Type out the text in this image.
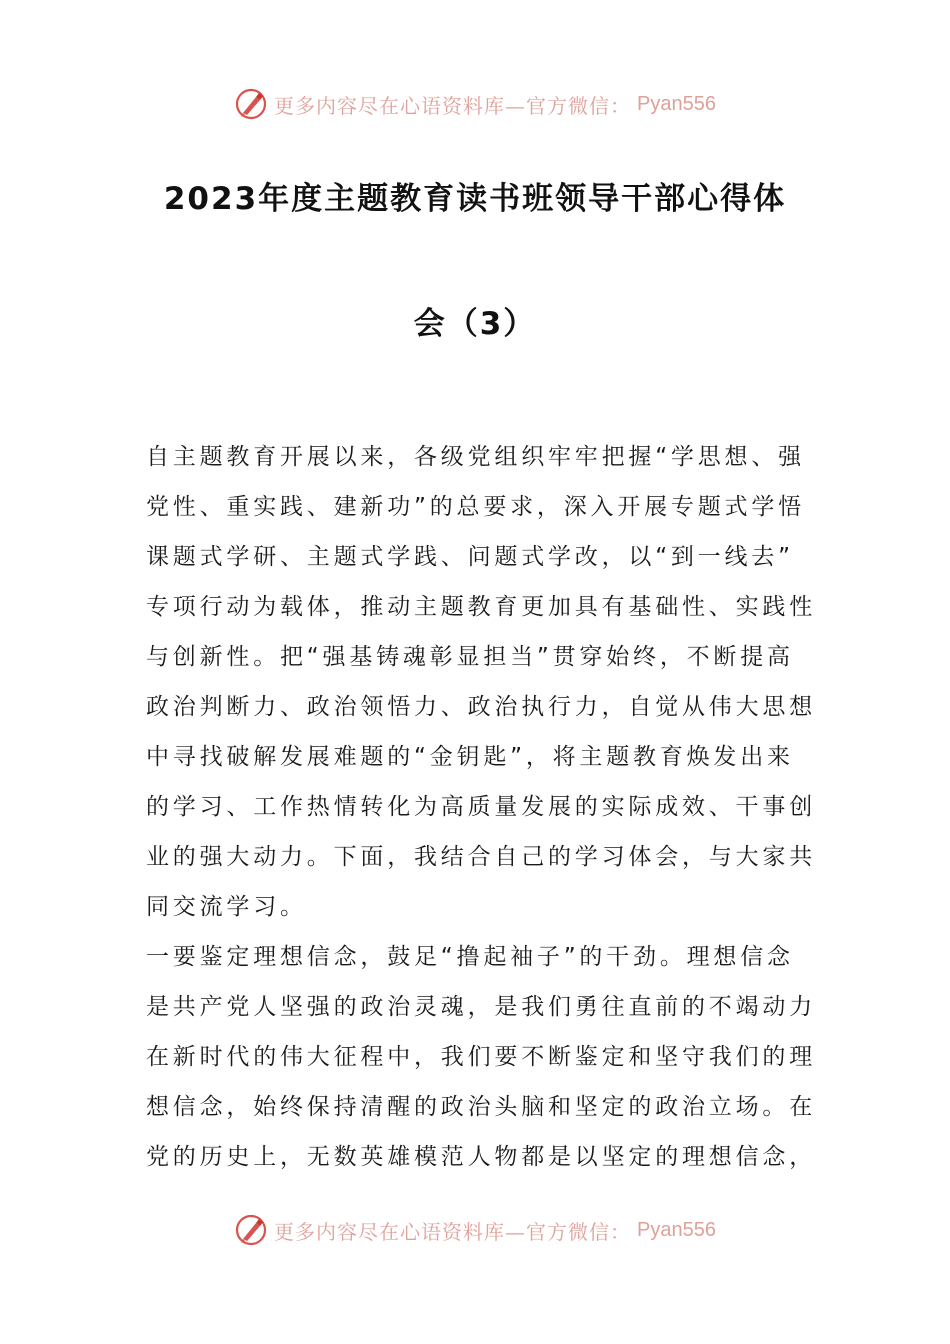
更多内容尽在心语资料库—官方微信： Pyan556
2023年度主题教育读书班领导干部心得体
会（3）
自主题教育开展以来，各级党组织牢牢把握“学思想、强
党性、重实践、建新功”的总要求，深入开展专题式学悟
课题式学研、主题式学践、问题式学改，以“到一线去”
专项行动为载体，推动主题教育更加具有基础性、实践性
与创新性。把“强基铸魂彰显担当”贯穿始终，不断提高
政治判断力、政治领悟力、政治执行力，自觉从伟大思想
中寻找破解发展难题的“金钥匙”，将主题教育焕发出来
的学习、工作热情转化为高质量发展的实际成效、干事创
业的强大动力。下面，我结合自己的学习体会，与大家共
同交流学习。
一要鉴定理想信念，鼓足“撸起袖子”的干劲。理想信念
是共产党人坚强的政治灵魂，是我们勇往直前的不竭动力
在新时代的伟大征程中，我们要不断鉴定和坚守我们的理
想信念，始终保持清醒的政治头脑和坚定的政治立场。在
党的历史上，无数英雄模范人物都是以坚定的理想信念，
更多内容尽在心语资料库—官方微信： Pyan556
